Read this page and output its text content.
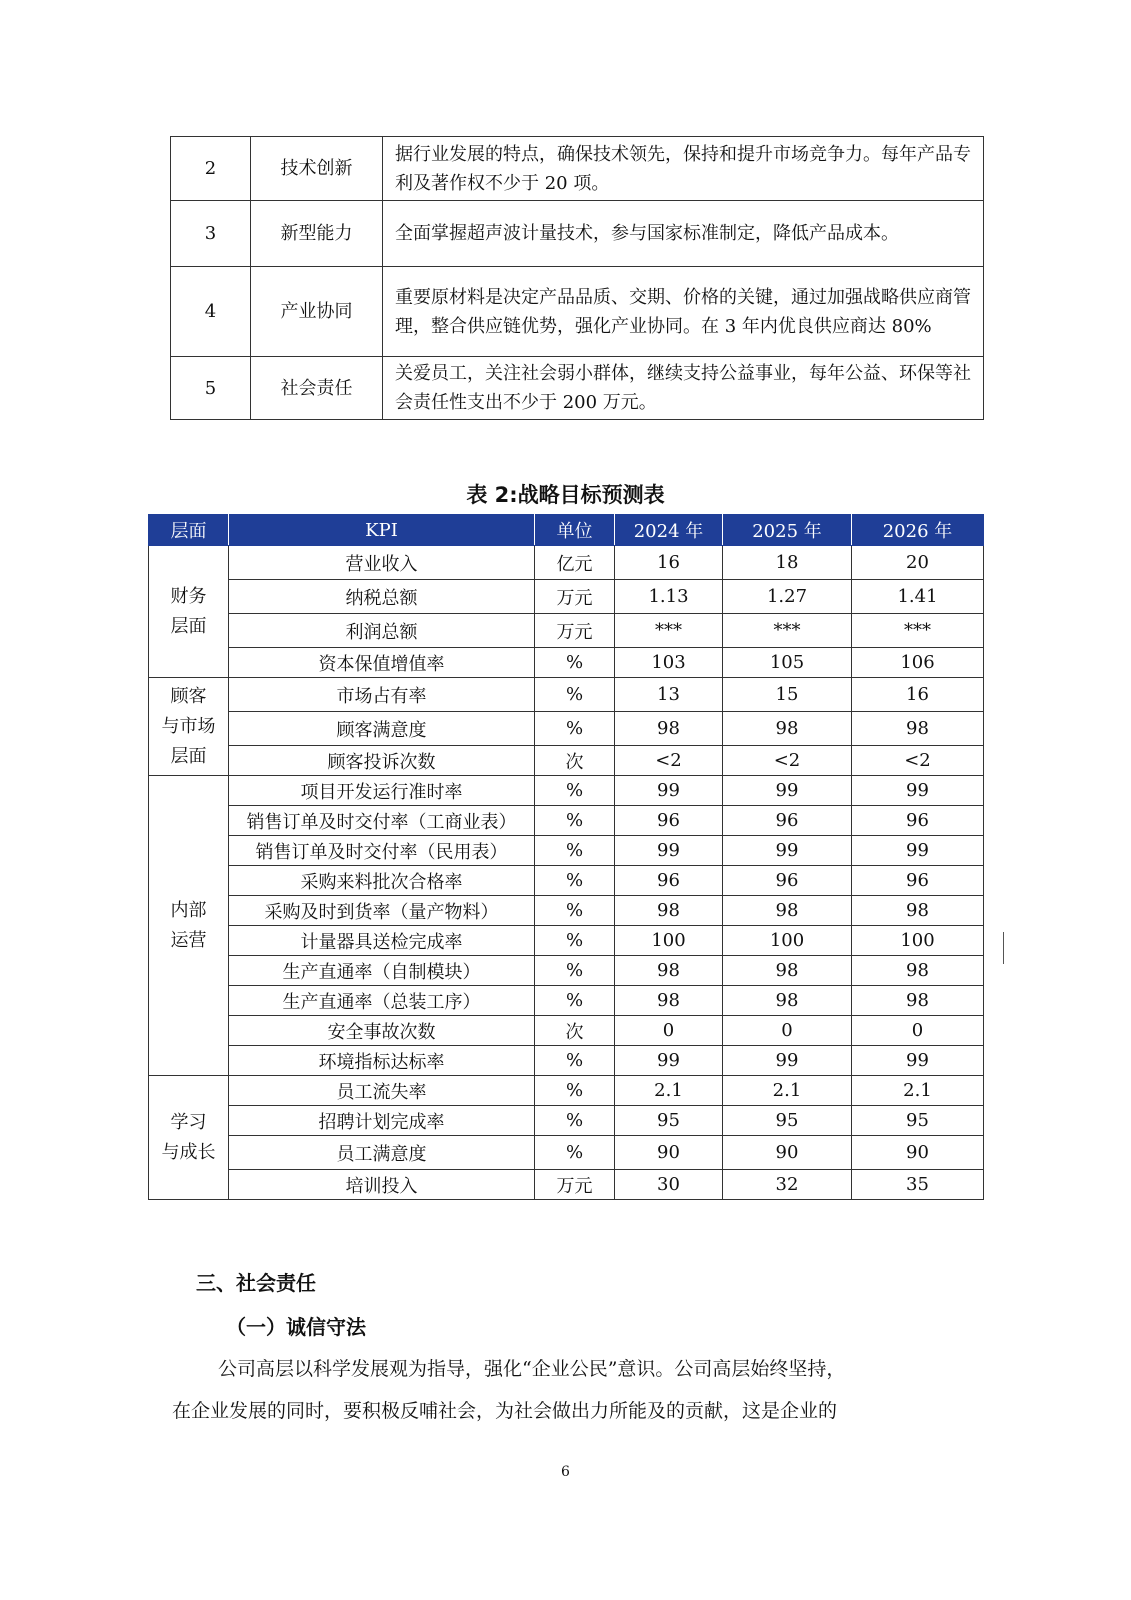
2	技术创新	据行业发展的特点，确保技术领先，保持和提升市场竞争力。每年产品专利及著作权不少于 20 项。
3	新型能力	全面掌握超声波计量技术，参与国家标准制定，降低产品成本。
4	产业协同	重要原材料是决定产品品质、交期、价格的关键，通过加强战略供应商管理，整合供应链优势，强化产业协同。在 3 年内优良供应商达 80%
5	社会责任	关爱员工，关注社会弱小群体，继续支持公益事业，每年公益、环保等社会责任性支出不少于 200 万元。
表 2:战略目标预测表
层面	KPI	单位	2024 年	2025 年	2026 年
财务
层面	营业收入	亿元	16	18	20
	纳税总额	万元	1.13	1.27	1.41
	利润总额	万元	***	***	***
	资本保值增值率	%	103	105	106
顾客
与市场
层面	市场占有率	%	13	15	16
	顾客满意度	%	98	98	98
	顾客投诉次数	次	<2	<2	<2
内部
运营	项目开发运行准时率	%	99	99	99
	销售订单及时交付率（工商业表）	%	96	96	96
	销售订单及时交付率（民用表）	%	99	99	99
	采购来料批次合格率	%	96	96	96
	采购及时到货率（量产物料）	%	98	98	98
	计量器具送检完成率	%	100	100	100
	生产直通率（自制模块）	%	98	98	98
	生产直通率（总装工序）	%	98	98	98
	安全事故次数	次	0	0	0
	环境指标达标率	%	99	99	99
学习
与成长	员工流失率	%	2.1	2.1	2.1
	招聘计划完成率	%	95	95	95
	员工满意度	%	90	90	90
	培训投入	万元	30	32	35
三、社会责任
（一）诚信守法
公司高层以科学发展观为指导，强化“企业公民”意识。公司高层始终坚持，
在企业发展的同时，要积极反哺社会，为社会做出力所能及的贡献，这是企业的
6
